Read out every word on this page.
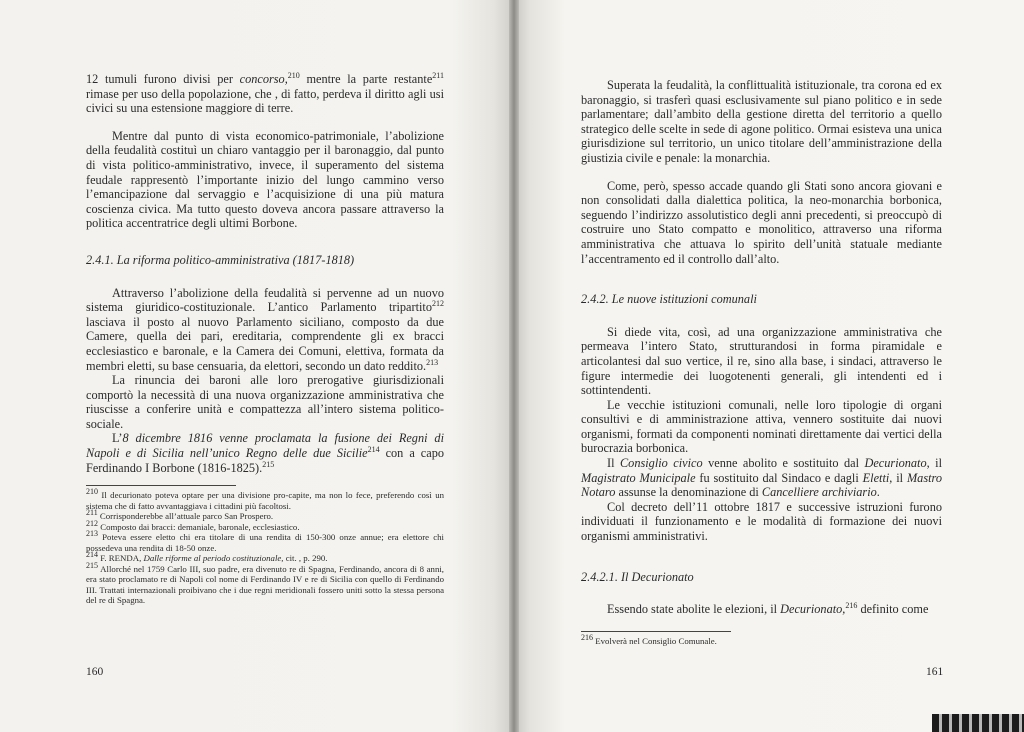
12 tumuli furono divisi per concorso,$^{210}$ mentre la parte restante$^{211}$ rimase per uso della popolazione, che , di fatto, perdeva il diritto agli usi civici su una estensione maggiore di terre.

Mentre dal punto di vista economico-patrimoniale, l’abolizione della feudalità costituì un chiaro vantaggio per il baronaggio, dal punto di vista politico-amministrativo, invece, il superamento del sistema feudale rappresentò l’importante inizio del lungo cammino verso l’emancipazione dal servaggio e l’acquisizione di una più matura coscienza civica. Ma tutto questo doveva ancora passare attraverso la politica accentratrice degli ultimi Borbone.

2.4.1. La riforma politico-amministrativa (1817-1818)

Attraverso l’abolizione della feudalità si pervenne ad un nuovo sistema giuridico-costituzionale. L’antico Parlamento tripartito$^{212}$ lasciava il posto al nuovo Parlamento siciliano, composto da due Camere, quella dei pari, ereditaria, comprendente gli ex bracci ecclesiastico e baronale, e la Camera dei Comuni, elettiva, formata da membri eletti, su base censuaria, da elettori, secondo un dato reddito.$^{213}$

La rinuncia dei baroni alle loro prerogative giurisdizionali comportò la necessità di una nuova organizzazione amministrativa che riuscisse a conferire unità e compattezza all’intero sistema politico-sociale.

L’8 dicembre 1816 venne proclamata la fusione dei Regni di Napoli e di Sicilia nell’unico Regno delle due Sicilie$^{214}$ con a capo Ferdinando I Borbone (1816-1825).$^{215}$

$^{210}$ Il decurionato poteva optare per una divisione pro-capite, ma non lo fece, preferendo così un sistema che di fatto avvantaggiava i cittadini più facoltosi.

$^{211}$ Corrisponderebbe all’attuale parco San Prospero.

$^{212}$ Composto dai bracci: demaniale, baronale, ecclesiastico.

$^{213}$ Poteva essere eletto chi era titolare di una rendita di 150-300 onze annue; era elettore chi possedeva una rendita di 18-50 onze.

$^{214}$ F. RENDA, Dalle riforme al periodo costituzionale, cit. , p. 290.

$^{215}$ Allorché nel 1759 Carlo III, suo padre, era divenuto re di Spagna, Ferdinando, ancora di 8 anni, era stato proclamato re di Napoli col nome di Ferdinando IV e re di Sicilia con quello di Ferdinando III. Trattati internazionali proibivano che i due regni meridionali fossero uniti sotto la stessa persona del re di Spagna.

160

Superata la feudalità, la conflittualità istituzionale, tra corona ed ex baronaggio, si trasferì quasi esclusivamente sul piano politico e in sede parlamentare; dall’ambito della gestione diretta del territorio a quello strategico delle scelte in sede di agone politico. Ormai esisteva una unica giurisdizione sul territorio, un unico titolare dell’amministrazione della giustizia civile e penale: la monarchia.

Come, però, spesso accade quando gli Stati sono ancora giovani e non consolidati dalla dialettica politica, la neo-monarchia borbonica, seguendo l’indirizzo assolutistico degli anni precedenti, si preoccupò di costruire uno Stato compatto e monolitico, attraverso una riforma amministrativa che attuava lo spirito dell’unità statuale mediante l’accentramento ed il controllo dall’alto.

2.4.2. Le nuove istituzioni comunali

Si diede vita, così, ad una organizzazione amministrativa che permeava l’intero Stato, strutturandosi in forma piramidale e articolantesi dal suo vertice, il re, sino alla base, i sindaci, attraverso le figure intermedie dei luogotenenti generali, gli intendenti ed i sottintendenti.

Le vecchie istituzioni comunali, nelle loro tipologie di organi consultivi e di amministrazione attiva, vennero sostituite dai nuovi organismi, formati da componenti nominati direttamente dai vertici della burocrazia borbonica.

Il Consiglio civico venne abolito e sostituito dal Decurionato, il Magistrato Municipale fu sostituito dal Sindaco e dagli Eletti, il Mastro Notaro assunse la denominazione di Cancelliere archiviario.

Col decreto dell’11 ottobre 1817 e successive istruzioni furono individuati il funzionamento e le modalità di formazione dei nuovi organismi amministrativi.

2.4.2.1. Il Decurionato

Essendo state abolite le elezioni, il Decurionato,$^{216}$ definito come

$^{216}$ Evolverà nel Consiglio Comunale.

161
